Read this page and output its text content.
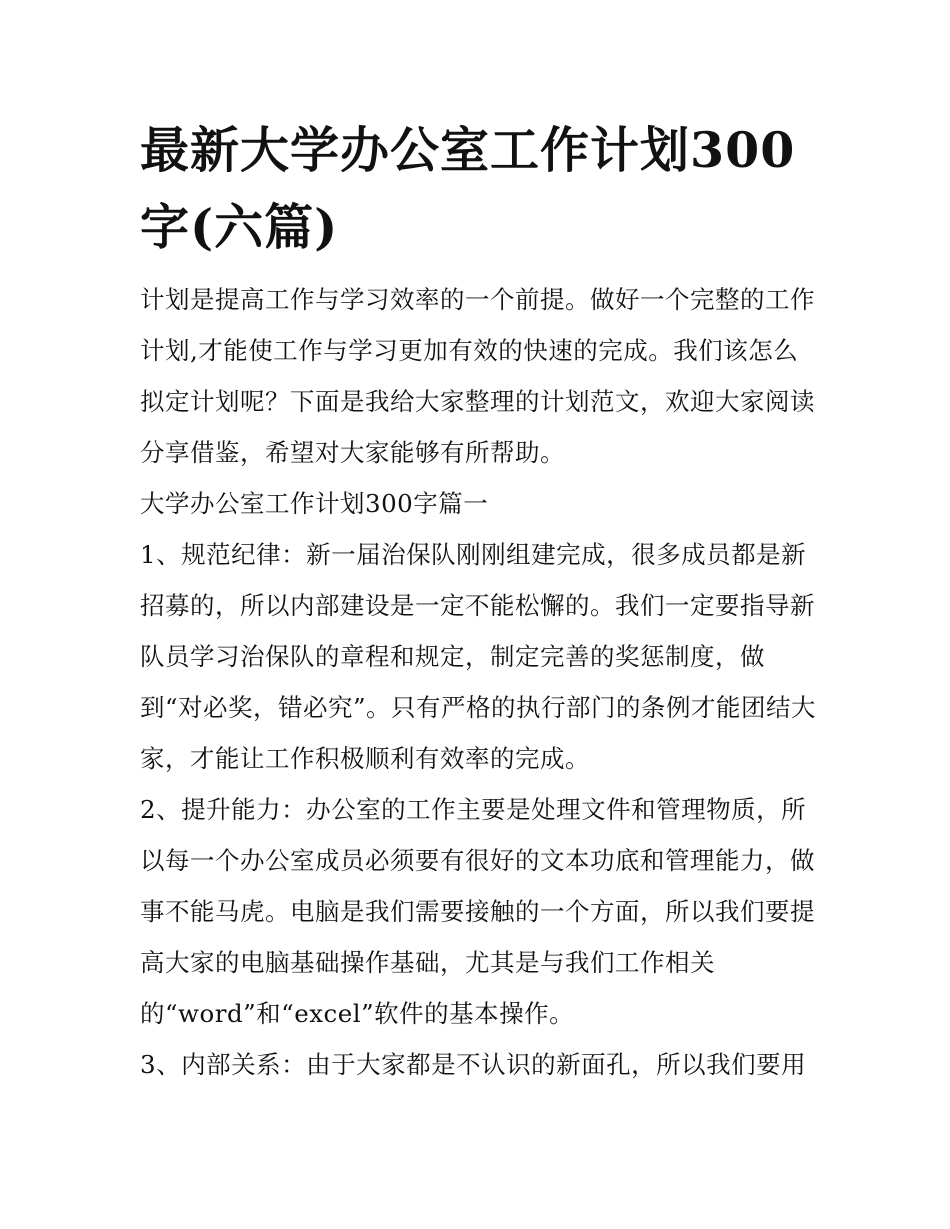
最新大学办公室工作计划300
字(六篇)
计划是提高工作与学习效率的一个前提。做好一个完整的工作
计划,才能使工作与学习更加有效的快速的完成。我们该怎么
拟定计划呢？下面是我给大家整理的计划范文，欢迎大家阅读
分享借鉴，希望对大家能够有所帮助。
大学办公室工作计划300字篇一
1、规范纪律：新一届治保队刚刚组建完成，很多成员都是新
招募的，所以内部建设是一定不能松懈的。我们一定要指导新
队员学习治保队的章程和规定，制定完善的奖惩制度，做
到“对必奖，错必究”。只有严格的执行部门的条例才能团结大
家，才能让工作积极顺利有效率的完成。
2、提升能力：办公室的工作主要是处理文件和管理物质，所
以每一个办公室成员必须要有很好的文本功底和管理能力，做
事不能马虎。电脑是我们需要接触的一个方面，所以我们要提
高大家的电脑基础操作基础，尤其是与我们工作相关
的“word”和“excel”软件的基本操作。
3、内部关系：由于大家都是不认识的新面孔，所以我们要用
